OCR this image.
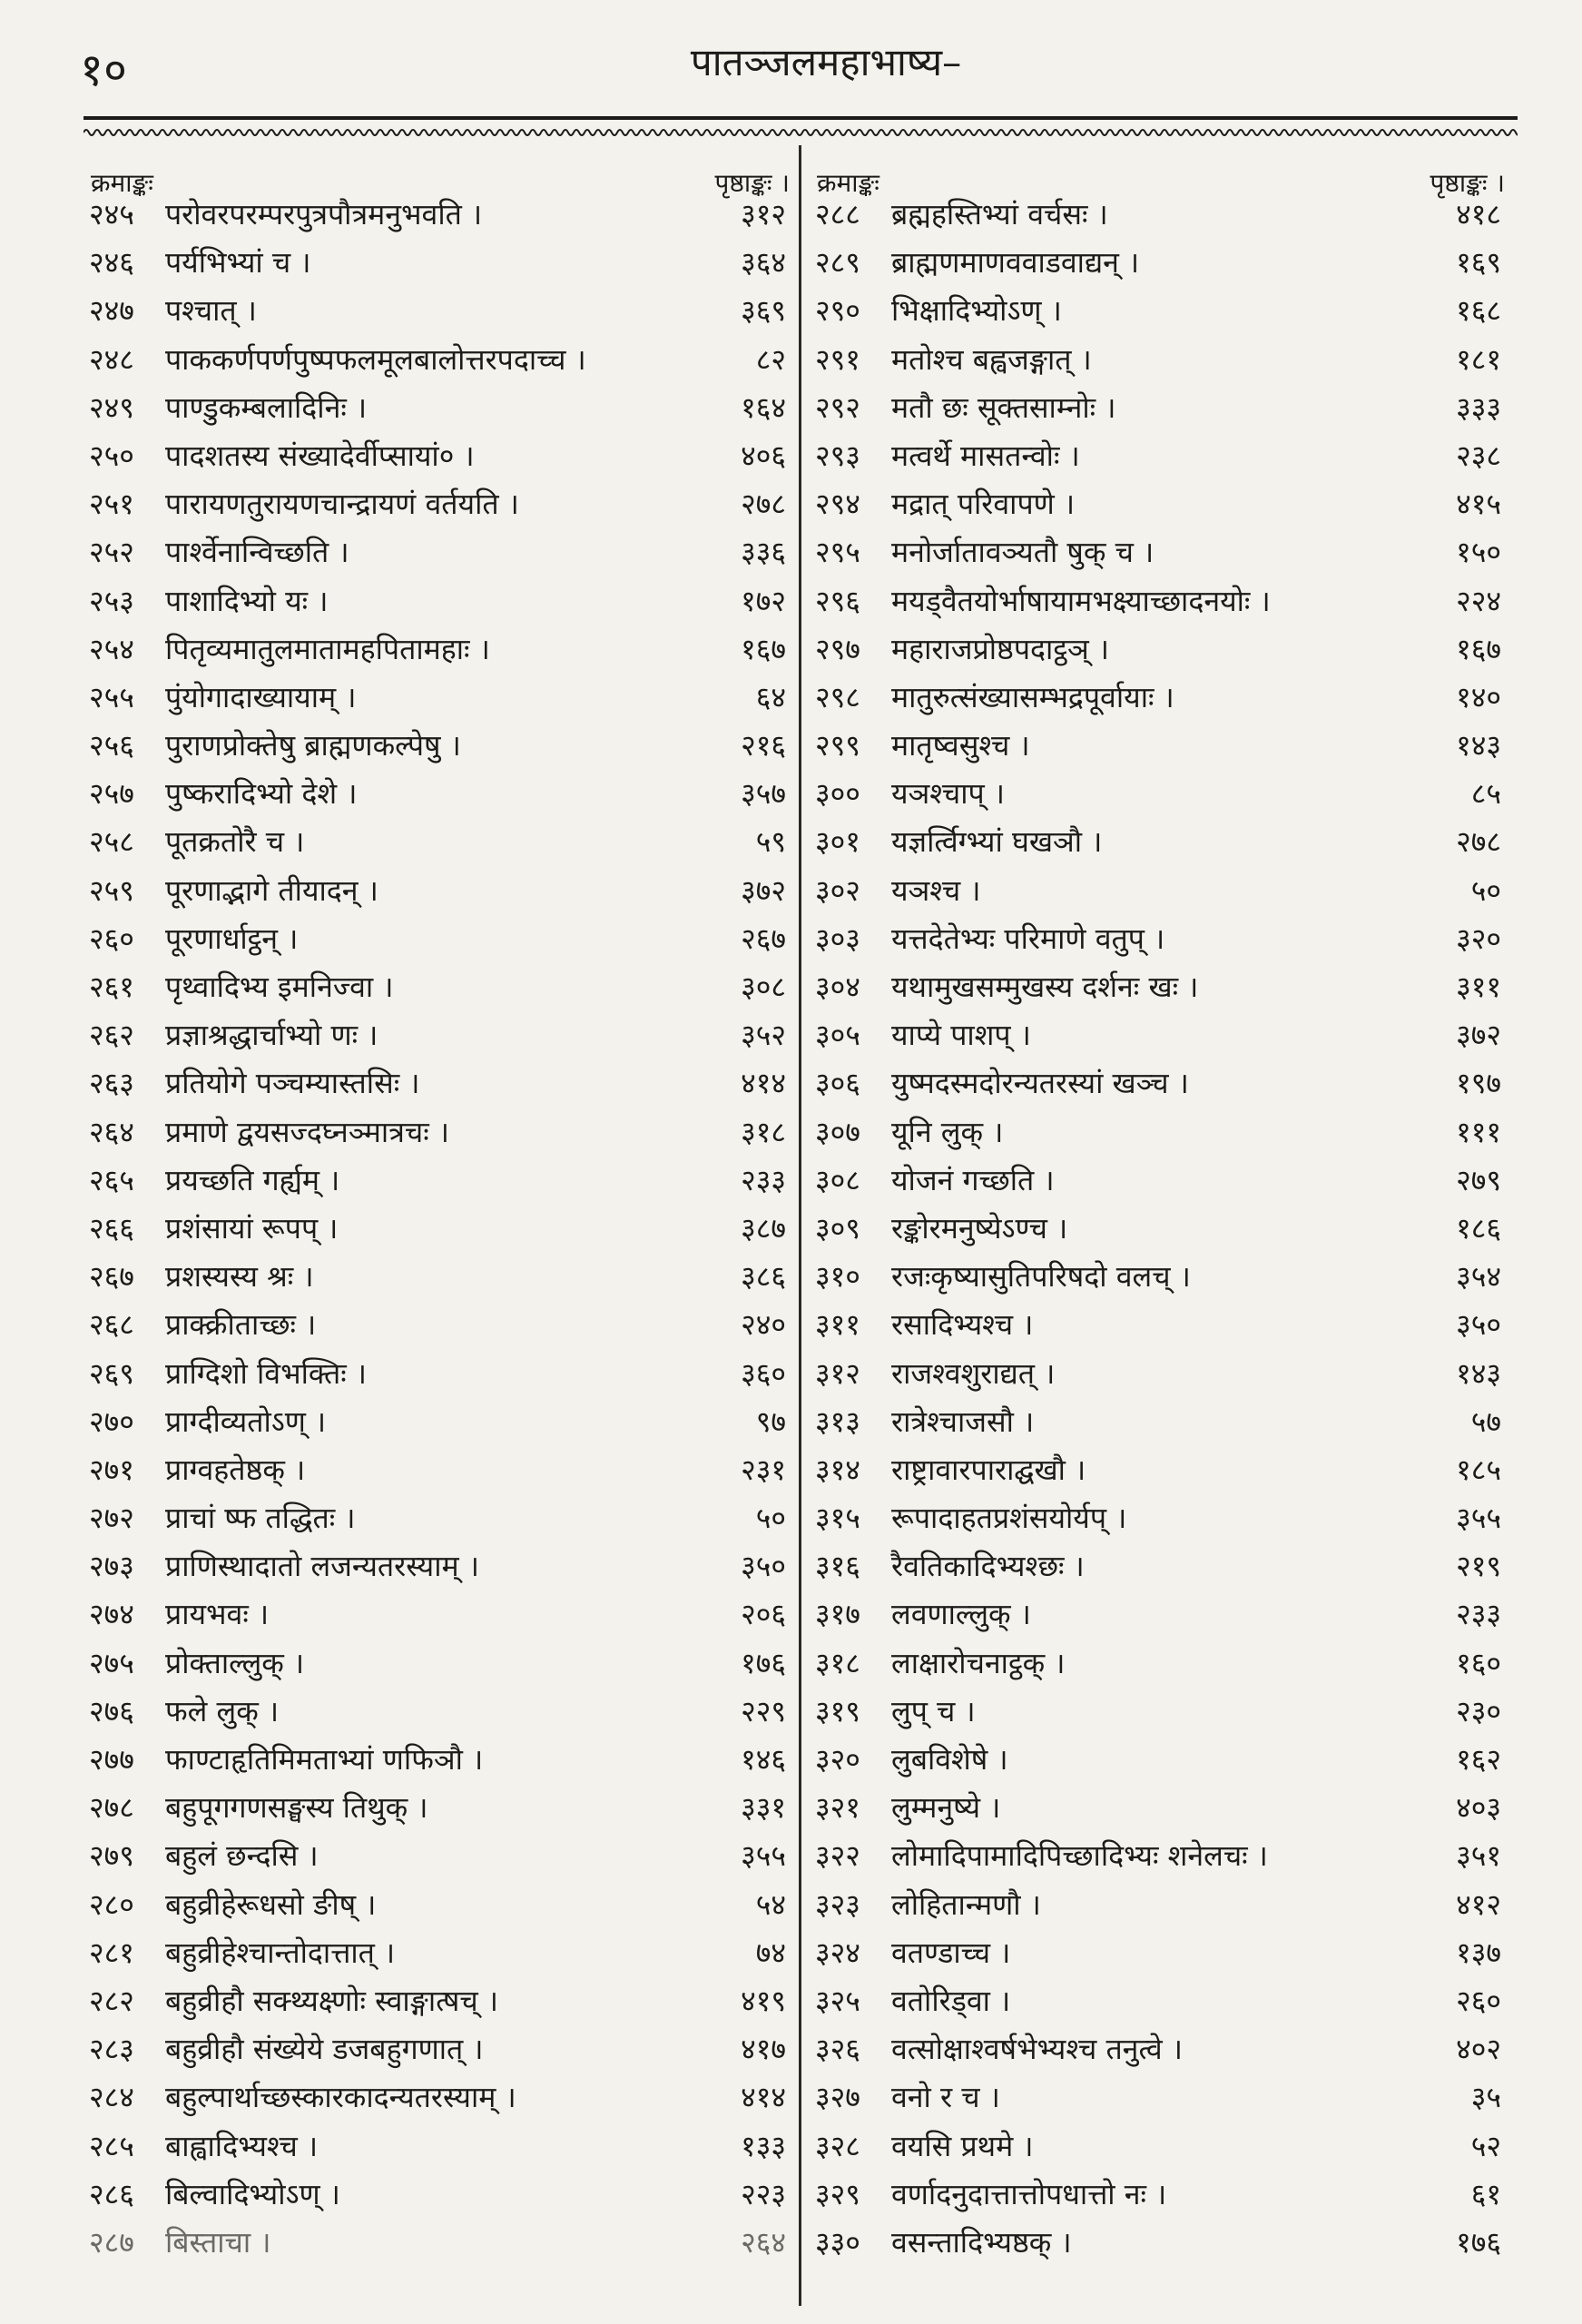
१०	पातञ्जलमहाभाष्य–
क्रमाङ्कः	पृष्ठाङ्कः ।
२४५	परोवरपरम्परपुत्रपौत्रमनुभवति ।	३१२
२४६	पर्यभिभ्यां च ।	३६४
२४७	पश्चात् ।	३६९
२४८	पाककर्णपर्णपुष्पफलमूलबालोत्तरपदाच्च ।	८२
२४९	पाण्डुकम्बलादिनिः ।	१६४
२५०	पादशतस्य संख्यादेर्वीप्सायां० ।	४०६
२५१	पारायणतुरायणचान्द्रायणं वर्तयति ।	२७८
२५२	पार्श्वेनान्विच्छति ।	३३६
२५३	पाशादिभ्यो यः ।	१७२
२५४	पितृव्यमातुलमातामहपितामहाः ।	१६७
२५५	पुंयोगादाख्यायाम् ।	६४
२५६	पुराणप्रोक्तेषु ब्राह्मणकल्पेषु ।	२१६
२५७	पुष्करादिभ्यो देशे ।	३५७
२५८	पूतक्रतोरै च ।	५९
२५९	पूरणाद्भागे तीयादन् ।	३७२
२६०	पूरणार्धाट्ठन् ।	२६७
२६१	पृथ्वादिभ्य इमनिज्वा ।	३०८
२६२	प्रज्ञाश्रद्धार्चाभ्यो णः ।	३५२
२६३	प्रतियोगे पञ्चम्यास्तसिः ।	४१४
२६४	प्रमाणे द्वयसज्दघ्नञ्मात्रचः ।	३१८
२६५	प्रयच्छति गर्ह्यम् ।	२३३
२६६	प्रशंसायां रूपप् ।	३८७
२६७	प्रशस्यस्य श्रः ।	३८६
२६८	प्राक्क्रीताच्छः ।	२४०
२६९	प्राग्दिशो विभक्तिः ।	३६०
२७०	प्राग्दीव्यतोऽण् ।	९७
२७१	प्राग्वहतेष्ठक् ।	२३१
२७२	प्राचां ष्फ तद्धितः ।	५०
२७३	प्राणिस्थादातो लजन्यतरस्याम् ।	३५०
२७४	प्रायभवः ।	२०६
२७५	प्रोक्ताल्लुक् ।	१७६
२७६	फले लुक् ।	२२९
२७७	फाण्टाहृतिमिमताभ्यां णफिञौ ।	१४६
२७८	बहुपूगगणसङ्घस्य तिथुक् ।	३३१
२७९	बहुलं छन्दसि ।	३५५
२८०	बहुव्रीहेरूधसो ङीष् ।	५४
२८१	बहुव्रीहेश्चान्तोदात्तात् ।	७४
२८२	बहुव्रीहौ सक्थ्यक्ष्णोः स्वाङ्गात्षच् ।	४१९
२८३	बहुव्रीहौ संख्येये डजबहुगणात् ।	४१७
२८४	बहुल्पार्थाच्छस्कारकादन्यतरस्याम् ।	४१४
२८५	बाह्वादिभ्यश्च ।	१३३
२८६	बिल्वादिभ्योऽण् ।	२२३
२८७	बिस्ताचा ।	२६४
क्रमाङ्कः	पृष्ठाङ्कः ।
२८८	ब्रह्महस्तिभ्यां वर्चसः ।	४१८
२८९	ब्राह्मणमाणववाडवाद्यन् ।	१६९
२९०	भिक्षादिभ्योऽण् ।	१६८
२९१	मतोश्च बह्वजङ्गात् ।	१८१
२९२	मतौ छः सूक्तसाम्नोः ।	३३३
२९३	मत्वर्थे मासतन्वोः ।	२३८
२९४	मद्रात् परिवापणे ।	४१५
२९५	मनोर्जातावञ्यतौ षुक् च ।	१५०
२९६	मयड्वैतयोर्भाषायामभक्ष्याच्छादनयोः ।	२२४
२९७	महाराजप्रोष्ठपदाट्ठञ् ।	१६७
२९८	मातुरुत्संख्यासम्भद्रपूर्वायाः ।	१४०
२९९	मातृष्वसुश्च ।	१४३
३००	यञश्चाप् ।	८५
३०१	यज्ञर्त्विग्भ्यां घखञौ ।	२७८
३०२	यञश्च ।	५०
३०३	यत्तदेतेभ्यः परिमाणे वतुप् ।	३२०
३०४	यथामुखसम्मुखस्य दर्शनः खः ।	३११
३०५	याप्ये पाशप् ।	३७२
३०६	युष्मदस्मदोरन्यतरस्यां खञ्च ।	१९७
३०७	यूनि लुक् ।	१११
३०८	योजनं गच्छति ।	२७९
३०९	रङ्कोरमनुष्येऽण्च ।	१८६
३१०	रजःकृष्यासुतिपरिषदो वलच् ।	३५४
३११	रसादिभ्यश्च ।	३५०
३१२	राजश्वशुराद्यत् ।	१४३
३१३	रात्रेश्चाजसौ ।	५७
३१४	राष्ट्रावारपाराद्घखौ ।	१८५
३१५	रूपादाहतप्रशंसयोर्यप् ।	३५५
३१६	रैवतिकादिभ्यश्छः ।	२१९
३१७	लवणाल्लुक् ।	२३३
३१८	लाक्षारोचनाट्ठक् ।	१६०
३१९	लुप् च ।	२३०
३२०	लुबविशेषे ।	१६२
३२१	लुम्मनुष्ये ।	४०३
३२२	लोमादिपामादिपिच्छादिभ्यः शनेलचः ।	३५१
३२३	लोहितान्मणौ ।	४१२
३२४	वतण्डाच्च ।	१३७
३२५	वतोरिड्वा ।	२६०
३२६	वत्सोक्षाश्वर्षभेभ्यश्च तनुत्वे ।	४०२
३२७	वनो र च ।	३५
३२८	वयसि प्रथमे ।	५२
३२९	वर्णादनुदात्तात्तोपधात्तो नः ।	६१
३३०	वसन्तादिभ्यष्ठक् ।	१७६
